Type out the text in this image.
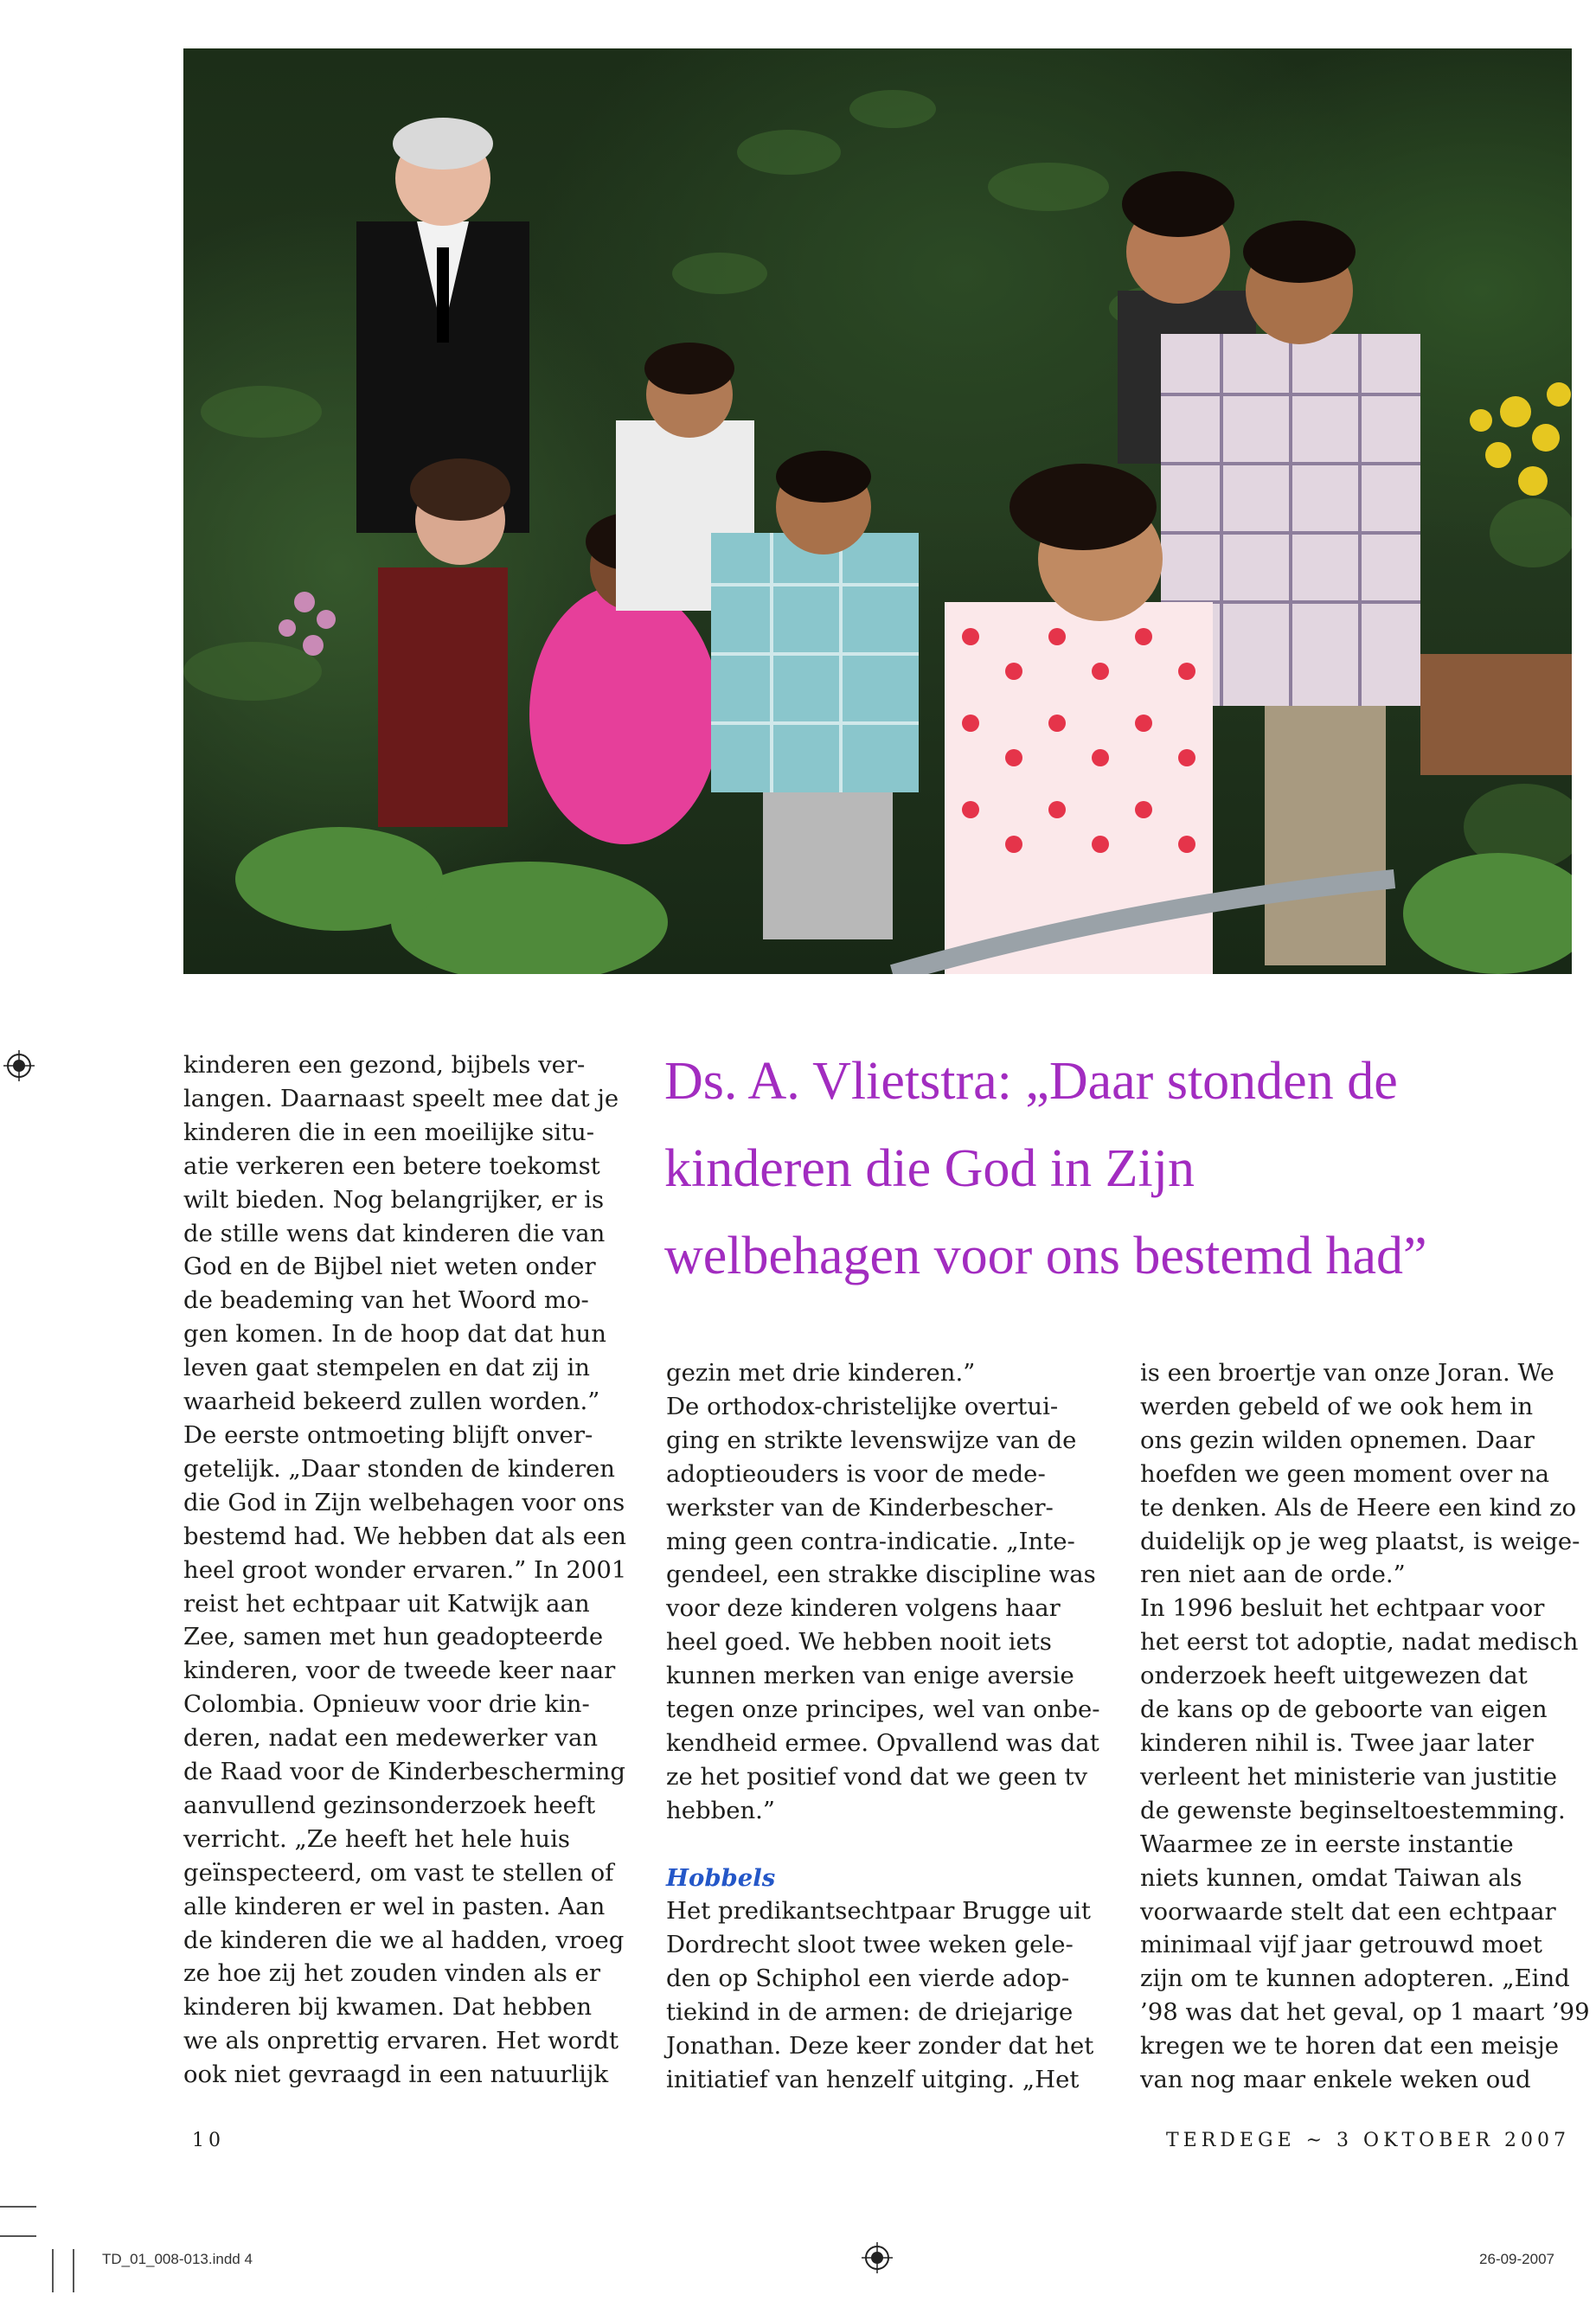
Ds. A. Vlietstra: „Daar stonden de
kinderen die God in Zijn
welbehagen voor ons bestemd had”

kinderen een gezond, bijbels ver-

langen. Daarnaast speelt mee dat je

kinderen die in een moeilijke situ-

atie verkeren een betere toekomst

wilt bieden. Nog belangrijker, er is

de stille wens dat kinderen die van

God en de Bijbel niet weten onder

de beademing van het Woord mo-

gen komen. In de hoop dat dat hun

leven gaat stempelen en dat zij in

waarheid bekeerd zullen worden.”

De eerste ontmoeting blijft onver-

getelijk. „Daar stonden de kinderen

die God in Zijn welbehagen voor ons

bestemd had. We hebben dat als een

heel groot wonder ervaren.” In 2001

reist het echtpaar uit Katwijk aan

Zee, samen met hun geadopteerde

kinderen, voor de tweede keer naar

Colombia. Opnieuw voor drie kin-

deren, nadat een medewerker van

de Raad voor de Kinderbescherming

aanvullend gezinsonderzoek heeft

verricht. „Ze heeft het hele huis

geïnspecteerd, om vast te stellen of

alle kinderen er wel in pasten. Aan

de kinderen die we al hadden, vroeg

ze hoe zij het zouden vinden als er

kinderen bij kwamen. Dat hebben

we als onprettig ervaren. Het wordt

ook niet gevraagd in een natuurlijk

gezin met drie kinderen.”

De orthodox-christelijke overtui-

ging en strikte levenswijze van de

adoptieouders is voor de mede-

werkster van de Kinderbescher-

ming geen contra-indicatie. „Inte-

gendeel, een strakke discipline was

voor deze kinderen volgens haar

heel goed. We hebben nooit iets

kunnen merken van enige aversie

tegen onze principes, wel van onbe-

kendheid ermee. Opvallend was dat

ze het positief vond dat we geen tv

hebben.”

Hobbels

Het predikantsechtpaar Brugge uit

Dordrecht sloot twee weken gele-

den op Schiphol een vierde adop-

tiekind in de armen: de driejarige

Jonathan. Deze keer zonder dat het

initiatief van henzelf uitging. „Het

is een broertje van onze Joran. We

werden gebeld of we ook hem in

ons gezin wilden opnemen. Daar

hoefden we geen moment over na

te denken. Als de Heere een kind zo

duidelijk op je weg plaatst, is weige-

ren niet aan de orde.”

In 1996 besluit het echtpaar voor

het eerst tot adoptie, nadat medisch

onderzoek heeft uitgewezen dat

de kans op de geboorte van eigen

kinderen nihil is. Twee jaar later

verleent het ministerie van justitie

de gewenste beginseltoestemming.

Waarmee ze in eerste instantie

niets kunnen, omdat Taiwan als

voorwaarde stelt dat een echtpaar

minimaal vijf jaar getrouwd moet

zijn om te kunnen adopteren. „Eind

’98 was dat het geval, op 1 maart ’99

kregen we te horen dat een meisje

van nog maar enkele weken oud

10	TERDEGE ~ 3 OKTOBER 2007
TD_01_008-013.indd 4	26-09-2007
